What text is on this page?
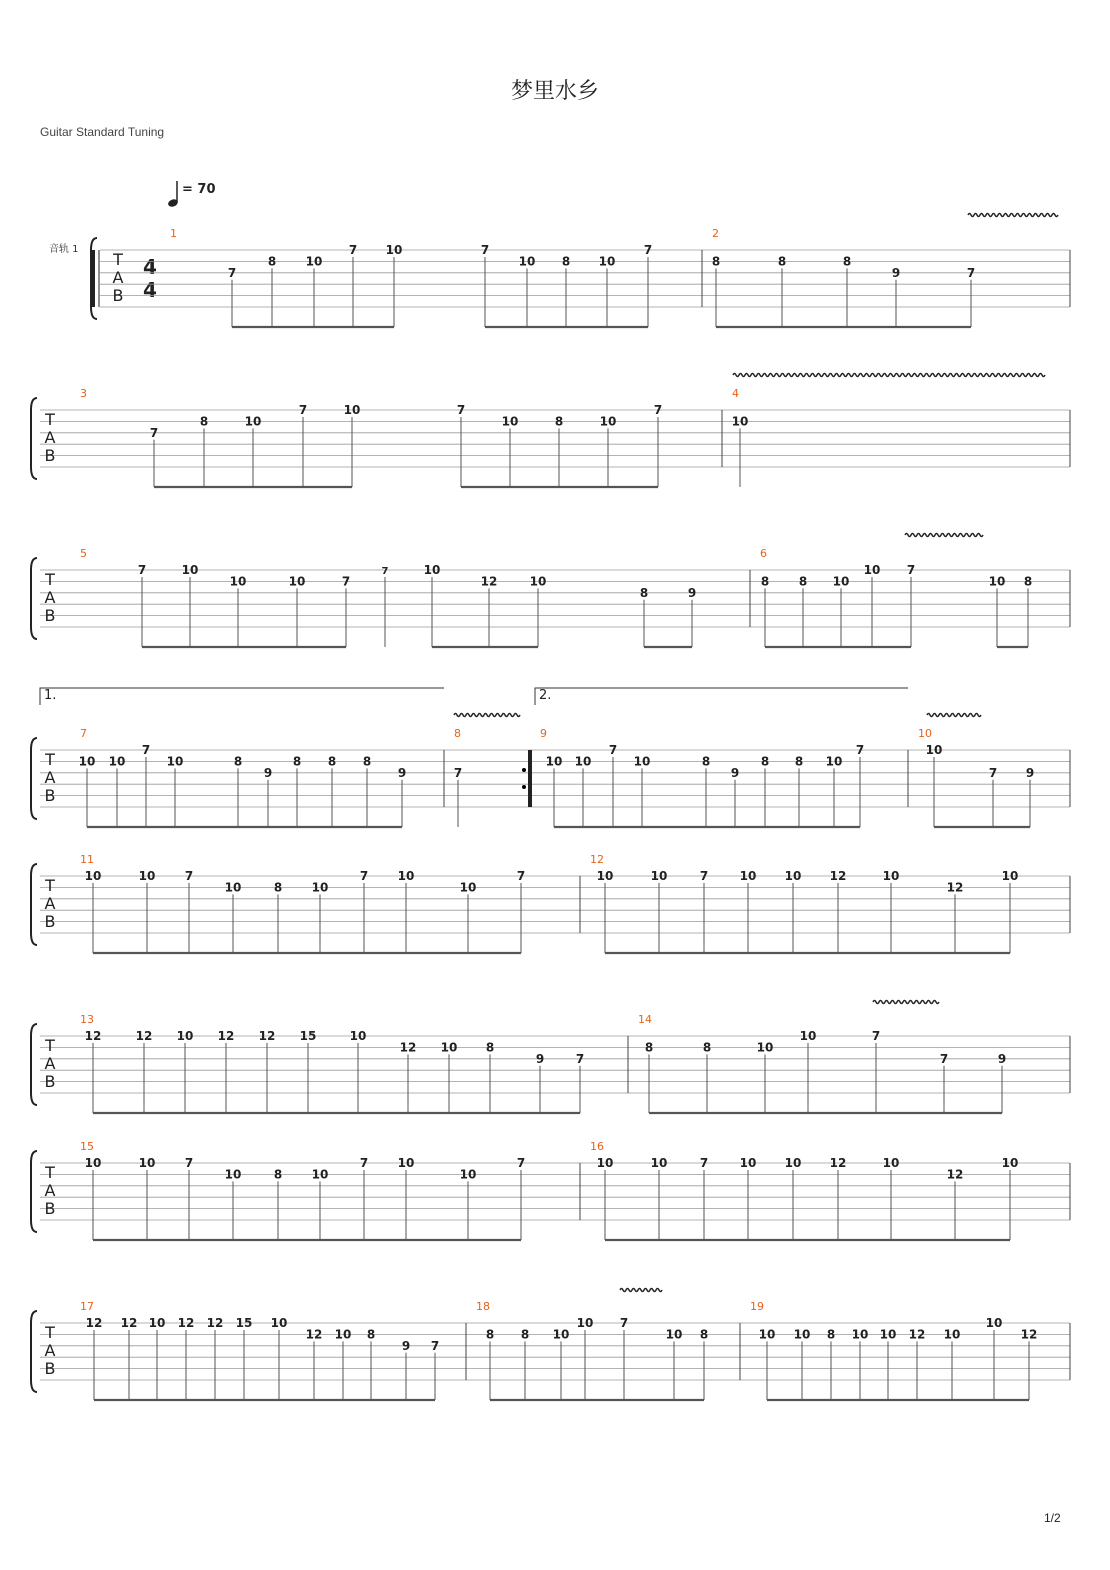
梦里水乡
Guitar Standard Tuning
1/2
= 70
音轨 1
4
4
T
A
B
1
7
8 10
7 10	7
10 8 10
7
2
8	8	8
9	7
T
A
B
3
7
8	10
7	10	7
10	8	10
7
4
10
T
A
B
5
7	10
10	10	7
10
12	10
8	9
7
6
8 8 10
10 7
10 8
T
A
B
7
10 10
7
10	8
9
8 8 8
9
8
7
9
10 10
7
10	8
9
8 8 10
7
10
10
7 9
T
A
B
11
10	10 7
10	8 10
7 10
10
7
12
10	10	7	10 10 12	10
12
10
T
A
B
13
12	12 10 12 12 15	10
12 10 8
9	7
14
8	8	10
10	7
7	9
T
A
B
15
10	10 7
10	8 10
7 10
10
7
16
10	10	7	10 10 12	10
12
10
T
A
B
17
12 12 10 12 12 15 10
12 10 8
9 7
18
8 8 10
10 7
10 8
19
10 10 8 10 10 12 10
10
12
1.	2.
